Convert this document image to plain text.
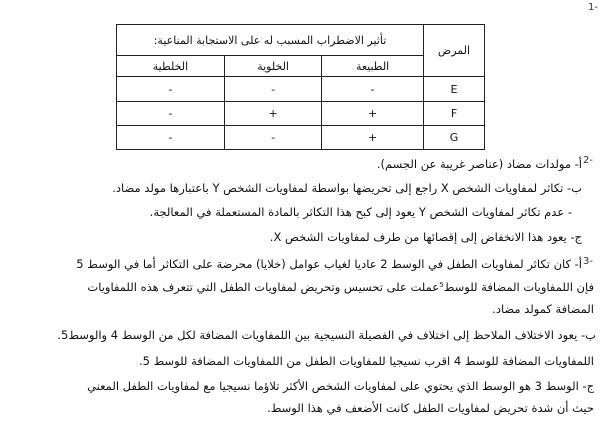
1-
2-
3-
تأثير الاضطراب المسبب له على الاستجابة المناعية:			المرض
الخلطية	الخلوية	الطبيعة	
-	-	-	E
-	+	+	F
-	-	+	G
أ- مولدات مضاد (عناصر غريبة عن الجسم).
ب- تكاثر لمفاويات الشخص X راجع إلى تحريضها بواسطة لمفاويات الشخص Y باعتبارها مولد مضاد.
- عدم تكاثر لمفاويات الشخص Y يعود إلى كبح هذا التكاثر بالمادة المستعملة في المعالجة.
ج- يعود هذا الانخفاض إلى إقصائها من طرف لمفاويات الشخص X.
أ- كان تكاثر لمفاويات الطفل في الوسط 2 عاديا لغياب عوامل (خلايا) محرضة على التكاثر أما في الوسط 5
فإن اللمفاويات المضافة للوسط⁵عملت على تحسيس وتحريض لمفاويات الطفل التي تتعرف هذه اللمفاويات
المضافة كمولد مضاد.
ب- يعود الاختلاف الملاحظ إلى اختلاف في الفصيلة النسيجية بين اللمفاويات المضافة لكل من الوسط 4 والوسط5.
اللمفاويات المضافة للوسط 4 اقرب نسيجيا للمفاويات الطفل من اللمفاويات المضافة للوسط 5.
ج- الوسط 3 هو الوسط الذي يحتوي على لمفاويات الشخص الأكثر تلاؤما نسيجيا مع لمفاويات الطفل المعني
حيث أن شدة تحريض لمفاويات الطفل كانت الأضعف في هذا الوسط.
